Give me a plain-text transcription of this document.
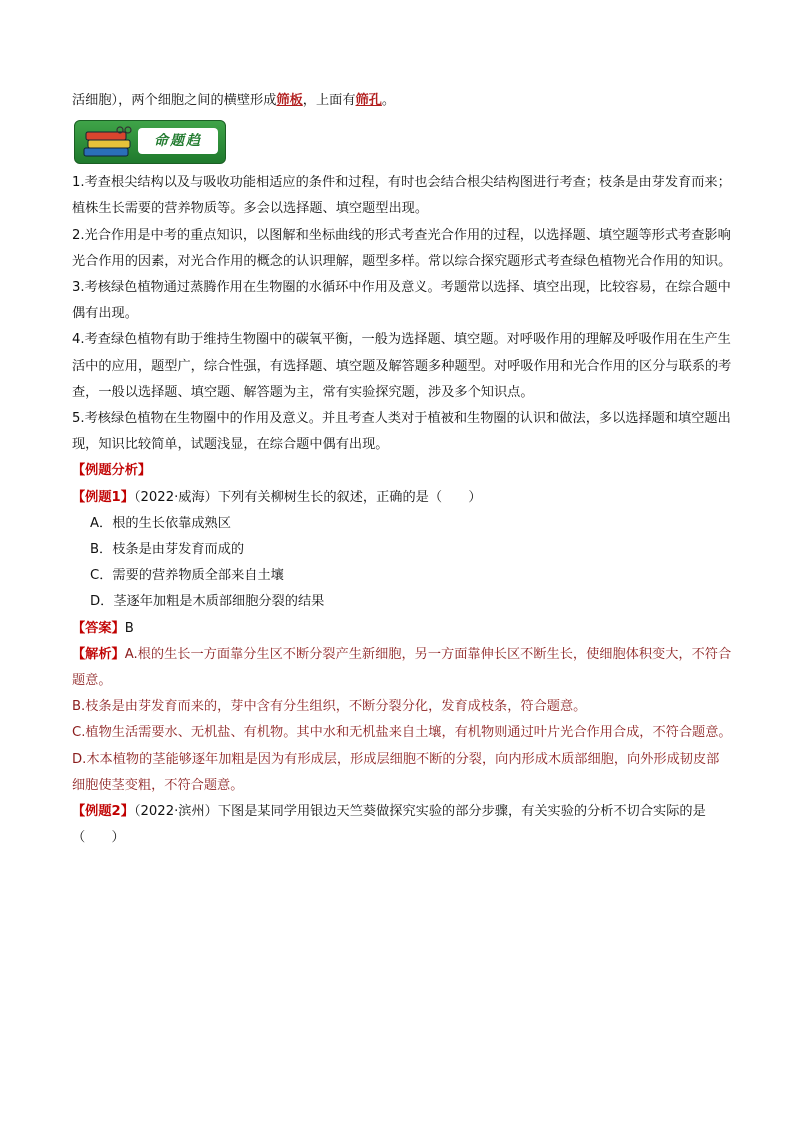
活细胞），两个细胞之间的横壁形成筛板，上面有筛孔。

命题趋

1.考查根尖结构以及与吸收功能相适应的条件和过程，有时也会结合根尖结构图进行考查；枝条是由芽发育而来；植株生长需要的营养物质等。多会以选择题、填空题型出现。

2.光合作用是中考的重点知识，以图解和坐标曲线的形式考查光合作用的过程，以选择题、填空题等形式考查影响光合作用的因素，对光合作用的概念的认识理解，题型多样。常以综合探究题形式考查绿色植物光合作用的知识。

3.考核绿色植物通过蒸腾作用在生物圈的水循环中作用及意义。考题常以选择、填空出现，比较容易，在综合题中偶有出现。

4.考查绿色植物有助于维持生物圈中的碳氧平衡，一般为选择题、填空题。对呼吸作用的理解及呼吸作用在生产生活中的应用，题型广，综合性强，有选择题、填空题及解答题多种题型。对呼吸作用和光合作用的区分与联系的考查，一般以选择题、填空题、解答题为主，常有实验探究题，涉及多个知识点。

5.考核绿色植物在生物圈中的作用及意义。并且考查人类对于植被和生物圈的认识和做法，多以选择题和填空题出现，知识比较简单，试题浅显，在综合题中偶有出现。

【例题分析】

【例题1】（2022·威海）下列有关柳树生长的叙述，正确的是（　　）

A．根的生长依靠成熟区

B．枝条是由芽发育而成的

C．需要的营养物质全部来自土壤

D．茎逐年加粗是木质部细胞分裂的结果

【答案】B

【解析】A.根的生长一方面靠分生区不断分裂产生新细胞，另一方面靠伸长区不断生长，使细胞体积变大，不符合题意。

B.枝条是由芽发育而来的，芽中含有分生组织，不断分裂分化，发育成枝条，符合题意。

C.植物生活需要水、无机盐、有机物。其中水和无机盐来自土壤，有机物则通过叶片光合作用合成，不符合题意。

D.木本植物的茎能够逐年加粗是因为有形成层，形成层细胞不断的分裂，向内形成木质部细胞，向外形成韧皮部细胞使茎变粗，不符合题意。

【例题2】（2022·滨州）下图是某同学用银边天竺葵做探究实验的部分步骤，有关实验的分析不切合实际的是（　　）
